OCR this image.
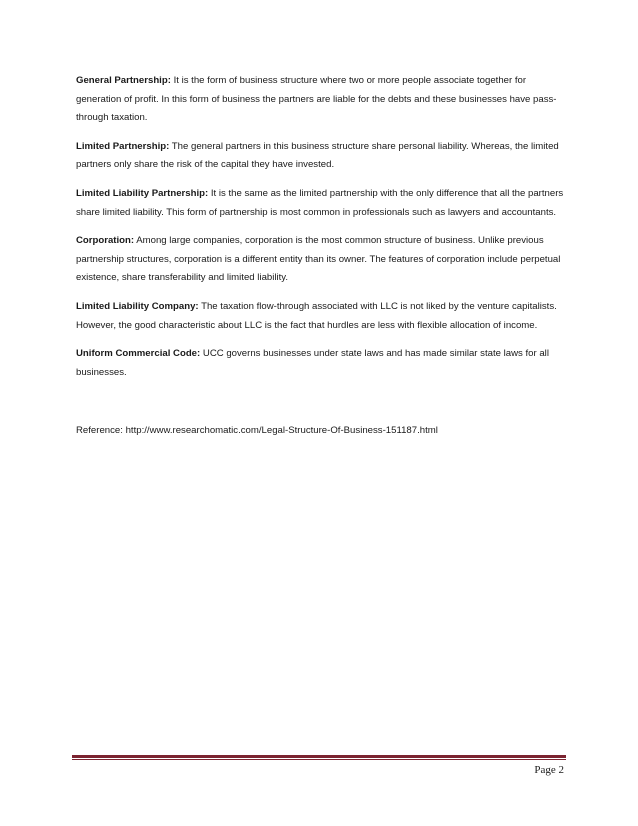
General Partnership: It is the form of business structure where two or more people associate together for generation of profit. In this form of business the partners are liable for the debts and these businesses have pass-through taxation.

Limited Partnership: The general partners in this business structure share personal liability. Whereas, the limited partners only share the risk of the capital they have invested.

Limited Liability Partnership: It is the same as the limited partnership with the only difference that all the partners share limited liability. This form of partnership is most common in professionals such as lawyers and accountants.

Corporation: Among large companies, corporation is the most common structure of business. Unlike previous partnership structures, corporation is a different entity than its owner. The features of corporation include perpetual existence, share transferability and limited liability.

Limited Liability Company: The taxation flow-through associated with LLC is not liked by the venture capitalists. However, the good characteristic about LLC is the fact that hurdles are less with flexible allocation of income.

Uniform Commercial Code: UCC governs businesses under state laws and has made similar state laws for all businesses.

Reference: http://www.researchomatic.com/Legal-Structure-Of-Business-151187.html

Page 2
